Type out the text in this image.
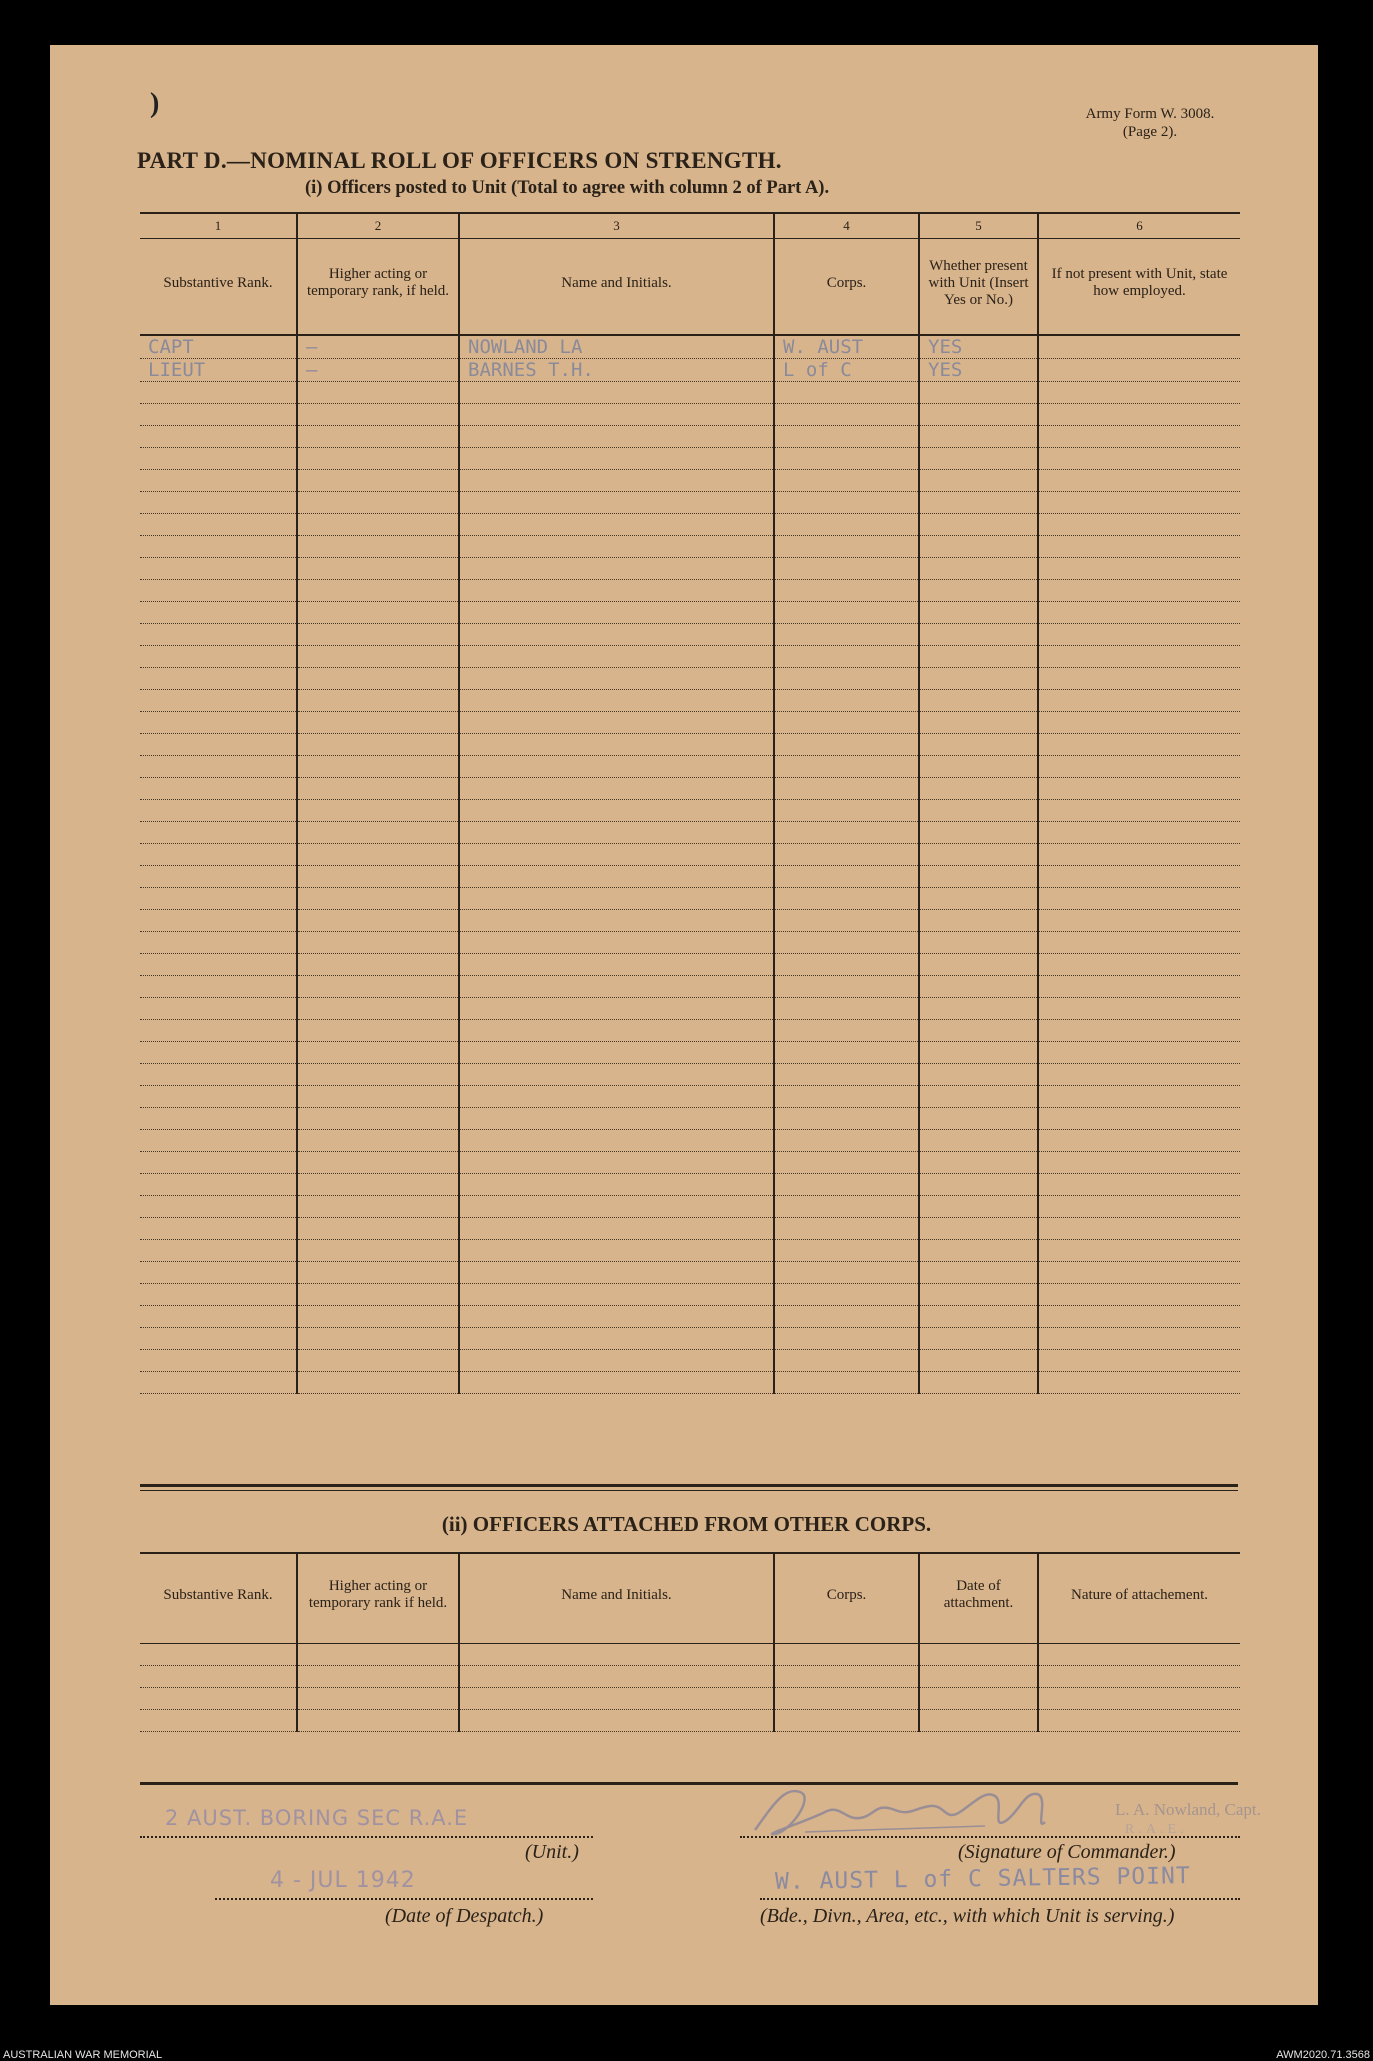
)	Army Form W. 3008.
(Page 2).
PART D.—NOMINAL ROLL OF OFFICERS ON STRENGTH.
(i) Officers posted to Unit (Total to agree with column 2 of Part A).
1	2	3	4	5	6
Substantive Rank.	Higher acting or temporary rank, if held.	Name and Initials.	Corps.	Whether present with Unit (Insert Yes or No.)	If not present with Unit, state how employed.
CAPT	—	NOWLAND LA	W. AUST	YES	
LIEUT	—	BARNES T.H.	L of C	YES	

(ii) OFFICERS ATTACHED FROM OTHER CORPS.
Substantive Rank.	Higher acting or temporary rank if held.	Name and Initials.	Corps.	Date of attachment.	Nature of attachement.

2 AUST. BORING SEC R.A.E
(Unit.)
4 - JUL 1942
(Date of Despatch.)
L. A. Nowland, Capt.
R.A.E.
(Signature of Commander.)
W. AUST L of C SALTERS POINT
(Bde., Divn., Area, etc., with which Unit is serving.)
AUSTRALIAN WAR MEMORIAL	AWM2020.71.3568
